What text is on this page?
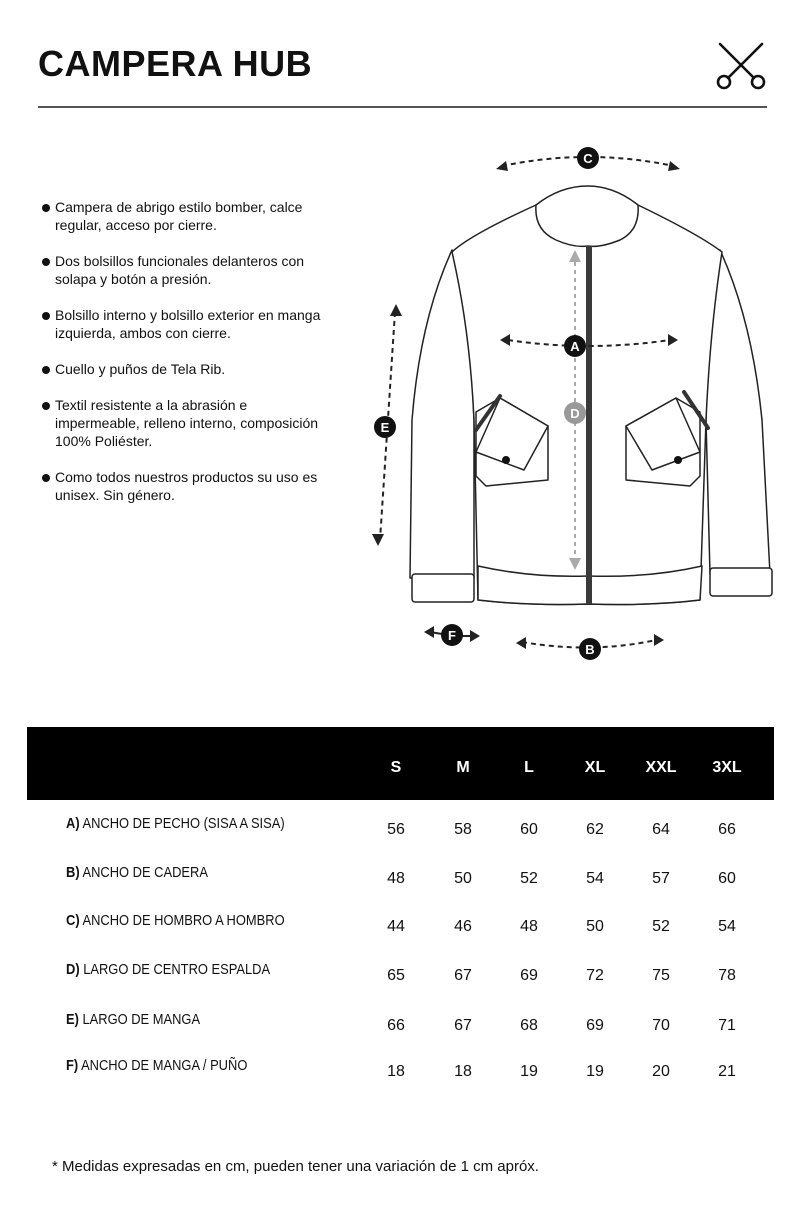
CAMPERA HUB
Campera de abrigo estilo bomber, calce regular, acceso por cierre.
Dos bolsillos funcionales delanteros con solapa y botón a presión.
Bolsillo interno y bolsillo exterior en manga izquierda, ambos con cierre.
Cuello y puños de Tela Rib.
Textil resistente a la abrasión e impermeable, relleno interno, composición 100% Poliéster.
Como todos nuestros productos su uso es unisex. Sin género.
C
A
D
E
F
B
S	M	L	XL	XXL	3XL
A) ANCHO DE PECHO (SISA A SISA)	56	58	60	62	64	66
B) ANCHO DE CADERA	48	50	52	54	57	60
C) ANCHO DE HOMBRO A HOMBRO	44	46	48	50	52	54
D) LARGO DE CENTRO ESPALDA	65	67	69	72	75	78
E) LARGO DE MANGA	66	67	68	69	70	71
F) ANCHO DE MANGA / PUÑO	18	18	19	19	20	21
* Medidas expresadas en cm, pueden tener una variación de 1 cm apróx.
